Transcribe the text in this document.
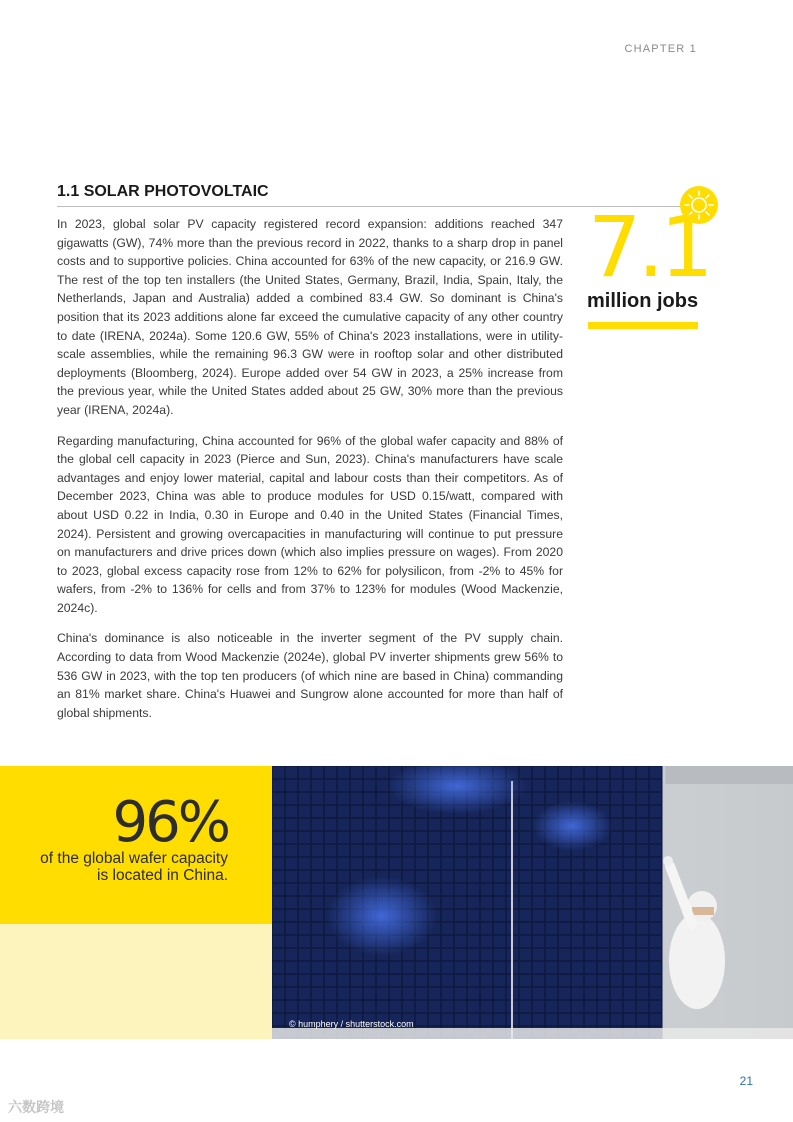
CHAPTER 1
1.1 SOLAR PHOTOVOLTAIC

In 2023, global solar PV capacity registered record expansion: additions reached 347 gigawatts (GW), 74% more than the previous record in 2022, thanks to a sharp drop in panel costs and to supportive policies. China accounted for 63% of the new capacity, or 216.9 GW. The rest of the top ten installers (the United States, Germany, Brazil, India, Spain, Italy, the Netherlands, Japan and Australia) added a combined 83.4 GW. So dominant is China's position that its 2023 additions alone far exceed the cumulative capacity of any other country to date (IRENA, 2024a). Some 120.6 GW, 55% of China's 2023 installations, were in utility-scale assemblies, while the remaining 96.3 GW were in rooftop solar and other distributed deployments (Bloomberg, 2024). Europe added over 54 GW in 2023, a 25% increase from the previous year, while the United States added about 25 GW, 30% more than the previous year (IRENA, 2024a).

Regarding manufacturing, China accounted for 96% of the global wafer capacity and 88% of the global cell capacity in 2023 (Pierce and Sun, 2023). China's manufacturers have scale advantages and enjoy lower material, capital and labour costs than their competitors. As of December 2023, China was able to produce modules for USD 0.15/watt, compared with about USD 0.22 in India, 0.30 in Europe and 0.40 in the United States (Financial Times, 2024). Persistent and growing overcapacities in manufacturing will continue to put pressure on manufacturers and drive prices down (which also implies pressure on wages). From 2020 to 2023, global excess capacity rose from 12% to 62% for polysilicon, from -2% to 45% for wafers, from -2% to 136% for cells and from 37% to 123% for modules (Wood Mackenzie, 2024c).

China's dominance is also noticeable in the inverter segment of the PV supply chain. According to data from Wood Mackenzie (2024e), global PV inverter shipments grew 56% to 536 GW in 2023, with the top ten producers (of which nine are based in China) commanding an 81% market share. China's Huawei and Sungrow alone accounted for more than half of global shipments.

7.1
million jobs
96%
of the global wafer capacity is located in China.
© humphery / shutterstock.com
21
六数跨境
